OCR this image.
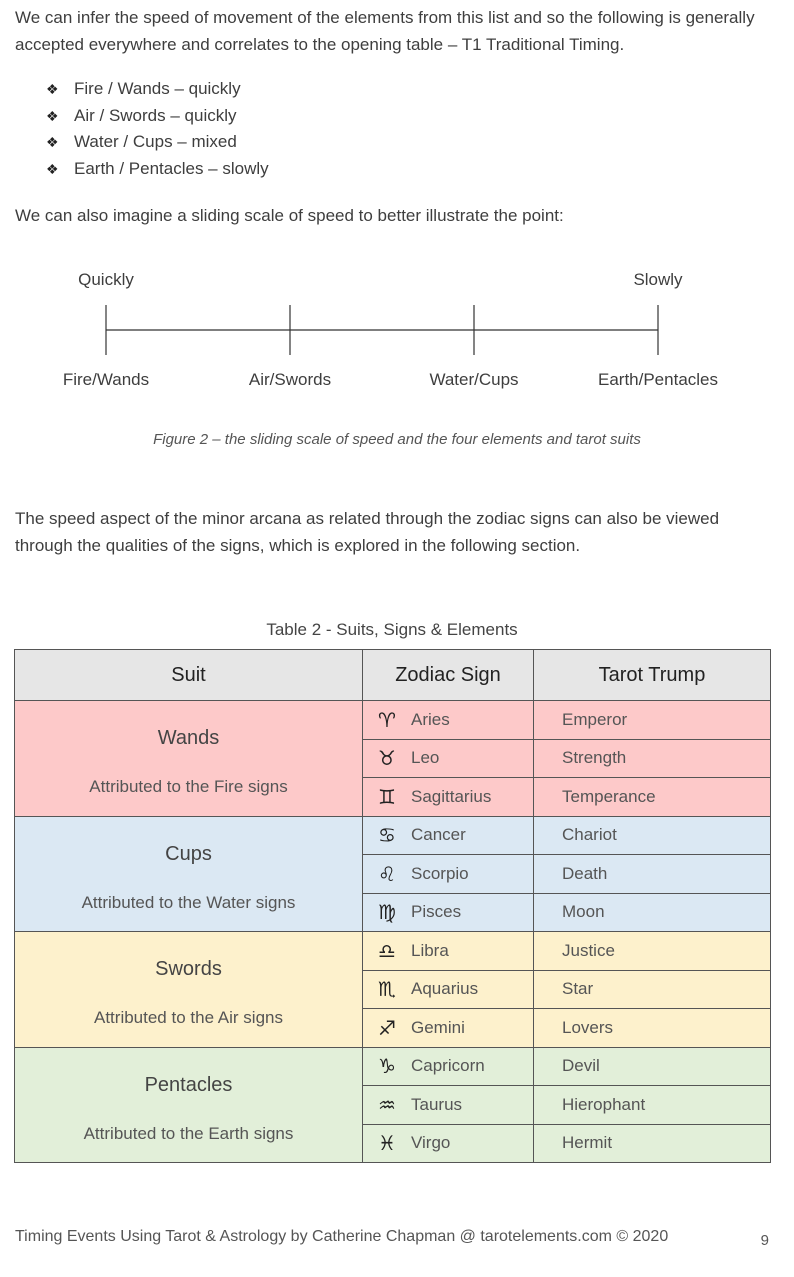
We can infer the speed of movement of the elements from this list and so the following is generally accepted everywhere and correlates to the opening table – T1 Traditional Timing.

❖ Fire / Wands – quickly
❖ Air / Swords – quickly
❖ Water / Cups – mixed
❖ Earth / Pentacles – slowly

We can also imagine a sliding scale of speed to better illustrate the point:

Quickly	Slowly
Fire/Wands	Air/Swords	Water/Cups	Earth/Pentacles
Figure 2 – the sliding scale of speed and the four elements and tarot suits

The speed aspect of the minor arcana as related through the zodiac signs can also be viewed through the qualities of the signs, which is explored in the following section.

Table 2 - Suits, Signs & Elements
Suit	Zodiac Sign	Tarot Trump

Wands
Attributed to the Fire signs	♈ Aries	Emperor

	♉ Leo	Strength

	♊ Sagittarius	Temperance

Cups
Attributed to the Water signs	♋ Cancer	Chariot

	♌ Scorpio	Death

	♍ Pisces	Moon

Swords
Attributed to the Air signs	♎ Libra	Justice

	♏ Aquarius	Star

	♐ Gemini	Lovers

Pentacles
Attributed to the Earth signs	♑ Capricorn	Devil

	♒ Taurus	Hierophant

	♓ Virgo	Hermit
Timing Events Using Tarot & Astrology by Catherine Chapman @ tarotelements.com © 2020	9
